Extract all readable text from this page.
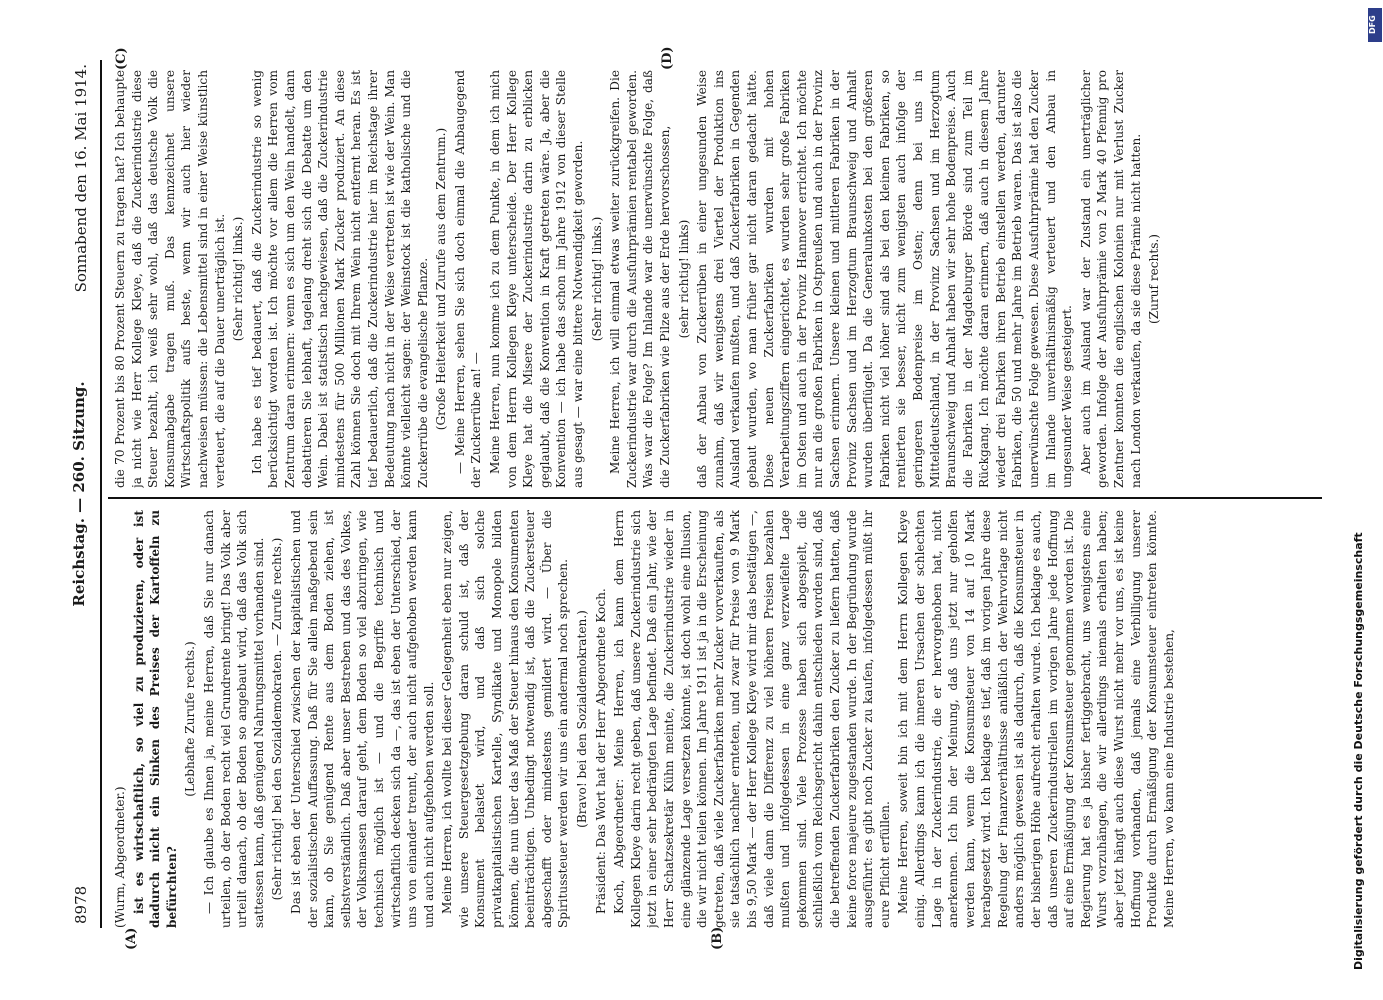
8978
Reichstag. — 260. Sitzung.
Sonnabend den 16. Mai 1914.
(A)	(B)
(C)	(D)

(Wurm, Abgeordneter.) ist es wirtschaftlich, so viel zu produzieren, oder ist dadurch nicht ein Sinken des Preises der Kartoffeln zu befürchten?

(Lebhafte Zurufe rechts.) — Ich glaube es Ihnen ja, meine Herren, daß Sie nur danach urteilen, ob der Boden recht viel Grundrente bringt! Das Volk aber urteilt danach, ob der Boden so angebaut wird, daß das Volk sich sattessen kann, daß genügend Nahrungsmittel vorhanden sind. (Sehr richtig! bei den Sozialdemokraten. — Zurufe rechts.) Das ist eben der Unterschied zwischen der kapitalistischen und der sozialistischen Auffassung. Daß für Sie allein maßgebend sein kann, ob Sie genügend Rente aus dem Boden ziehen, ist selbstverständlich. Daß aber unser Bestreben und das des Volkes, der Volksmassen darauf geht, dem Boden so viel abzuringen, wie technisch möglich ist — und die Begriffe technisch und wirtschaftlich decken sich da —, das ist eben der Unterschied, der uns von einander trennt, der auch nicht aufgehoben werden kann und auch nicht aufgehoben werden soll. Meine Herren, ich wollte bei dieser Gelegenheit eben nur zeigen, wie unsere Steuergesetzgebung daran schuld ist, daß der Konsument belastet wird, und daß sich solche privatkapitalistischen Kartelle, Syndikate und Monopole bilden können, die nun über das Maß der Steuer hinaus den Konsumenten beeinträchtigen. Unbedingt notwendig ist, daß die Zuckersteuer abgeschafft oder mindestens gemildert wird. — Über die Spiritussteuer werden wir uns ein andermal noch sprechen. (Bravo! bei den Sozialdemokraten.) Präsident: Das Wort hat der Herr Abgeordnete Koch. Koch, Abgeordneter: Meine Herren, ich kann dem Herrn Kollegen Kleye darin recht geben, daß unsere Zuckerindustrie sich jetzt in einer sehr bedrängten Lage befindet. Daß ein Jahr, wie der Herr Schatzsekretär Kühn meinte, die Zuckerindustrie wieder in eine glänzende Lage versetzen könnte, ist doch wohl eine Illusion, die wir nicht teilen können. Im Jahre 1911 ist ja in die Erscheinung getreten, daß viele Zuckerfabriken mehr Zucker vorverkauften, als sie tatsächlich nachher ernteten, und zwar für Preise von 9 Mark bis 9,50 Mark — der Herr Kollege Kleye wird mir das bestätigen —, daß viele dann die Differenz zu viel höheren Preisen bezahlen mußten und infolgedessen in eine ganz verzweifelte Lage gekommen sind. Viele Prozesse haben sich abgespielt, die schließlich vom Reichsgericht dahin entschieden worden sind, daß die betreffenden Zuckerfabriken den Zucker zu liefern hatten, daß keine force majeure zugestanden wurde. In der Begründung wurde ausgeführt: es gibt noch Zucker zu kaufen, infolgedessen müßt ihr eure Pflicht erfüllen. Meine Herren, soweit bin ich mit dem Herrn Kollegen Kleye einig. Allerdings kann ich die inneren Ursachen der schlechten Lage in der Zuckerindustrie, die er hervorgehoben hat, nicht anerkennen. Ich bin der Meinung, daß uns jetzt nur geholfen werden kann, wenn die Konsumsteuer von 14 auf 10 Mark herabgesetzt wird. Ich beklage es tief, daß im vorigen Jahre diese Regelung der Finanzverhältnisse anläßlich der Wehrvorlage nicht anders möglich gewesen ist als dadurch, daß die Konsumsteuer in der bisherigen Höhe aufrecht erhalten wurde. Ich beklage es auch, daß unseren Zuckerindustriellen im vorigen Jahre jede Hoffnung auf eine Ermäßigung der Konsumsteuer genommen worden ist. Die Regierung hat es ja bisher fertiggebracht, uns wenigstens eine Wurst vorzuhängen, die wir allerdings niemals erhalten haben; aber jetzt hängt auch diese Wurst nicht mehr vor uns, es ist keine Hoffnung vorhanden, daß jemals eine Verbilligung unserer Produkte durch Ermäßigung der Konsumsteuer eintreten könnte. Meine Herren, wo kann eine Industrie bestehen,

die 70 Prozent bis 80 Prozent Steuern zu tragen hat? Ich behaupte ja nicht wie Herr Kollege Kleye, daß die Zuckerindustrie diese Steuer bezahlt, ich weiß sehr wohl, daß das deutsche Volk die Konsumabgabe tragen muß. Das kennzeichnet unsere Wirtschaftspolitik aufs beste, wenn wir auch hier wieder nachweisen müssen: die Lebensmittel sind in einer Weise künstlich verteuert, die auf die Dauer unerträglich ist. (Sehr richtig! links.) Ich habe es tief bedauert, daß die Zuckerindustrie so wenig berücksichtigt worden ist. Ich möchte vor allem die Herren vom Zentrum daran erinnern: wenn es sich um den Wein handelt, dann debattieren Sie lebhaft, tagelang dreht sich die Debatte um den Wein. Dabei ist statistisch nachgewiesen, daß die Zuckerindustrie mindestens für 500 Millionen Mark Zucker produziert. An diese Zahl können Sie doch mit Ihrem Wein nicht entfernt heran. Es ist tief bedauerlich, daß die Zuckerindustrie hier im Reichstage ihrer Bedeutung nach nicht in der Weise vertreten ist wie der Wein. Man könnte vielleicht sagen: der Weinstock ist die katholische und die Zuckerrübe die evangelische Pflanze. (Große Heiterkeit und Zurufe aus dem Zentrum.) — Meine Herren, sehen Sie sich doch einmal die Anbaugegend der Zuckerrübe an! — Meine Herren, nun komme ich zu dem Punkte, in dem ich mich von dem Herrn Kollegen Kleye unterscheide. Der Herr Kollege Kleye hat die Misere der Zuckerindustrie darin zu erblicken geglaubt, daß die Konvention in Kraft getreten wäre. Ja, aber die Konvention — ich habe das schon im Jahre 1912 von dieser Stelle aus gesagt — war eine bittere Notwendigkeit geworden. (Sehr richtig! links.) Meine Herren, ich will einmal etwas weiter zurückgreifen. Die Zuckerindustrie war durch die Ausfuhrprämien rentabel geworden. Was war die Folge? Im Inlande war die unerwünschte Folge, daß die Zuckerfabriken wie Pilze aus der Erde hervorschossen, (sehr richtig! links) daß der Anbau von Zuckerrüben in einer ungesunden Weise zunahm, daß wir wenigstens drei Viertel der Produktion ins Ausland verkaufen mußten, und daß Zuckerfabriken in Gegenden gebaut wurden, wo man früher gar nicht daran gedacht hätte. Diese neuen Zuckerfabriken wurden mit hohen Verarbeitungsziffern eingerichtet, es wurden sehr große Fabriken im Osten und auch in der Provinz Hannover errichtet. Ich möchte nur an die großen Fabriken in Ostpreußen und auch in der Provinz Sachsen erinnern. Unsere kleinen und mittleren Fabriken in der Provinz Sachsen und im Herzogtum Braunschweig und Anhalt wurden überflügelt. Da die Generalunkosten bei den größeren Fabriken nicht viel höher sind als bei den kleinen Fabriken, so rentierten sie besser, nicht zum wenigsten auch infolge der geringeren Bodenpreise im Osten; denn bei uns in Mitteldeutschland, in der Provinz Sachsen und im Herzogtum Braunschweig und Anhalt haben wir sehr hohe Bodenpreise. Auch die Fabriken in der Magdeburger Börde sind zum Teil im Rückgang. Ich möchte daran erinnern, daß auch in diesem Jahre wieder drei Fabriken ihren Betrieb einstellen werden, darunter Fabriken, die 50 und mehr Jahre im Betrieb waren. Das ist also die unerwünschte Folge gewesen. Diese Ausfuhrprämie hat den Zucker im Inlande unverhältnismäßig verteuert und den Anbau in ungesunder Weise gesteigert. Aber auch im Ausland war der Zustand ein unerträglicher geworden. Infolge der Ausfuhrprämie von 2 Mark 40 Pfennig pro Zentner konnten die englischen Kolonien nur mit Verlust Zucker nach London verkaufen, da sie diese Prämie nicht hatten. (Zuruf rechts.)

Digitalisierung gefördert durch die Deutsche Forschungsgemeinschaft
DFG
